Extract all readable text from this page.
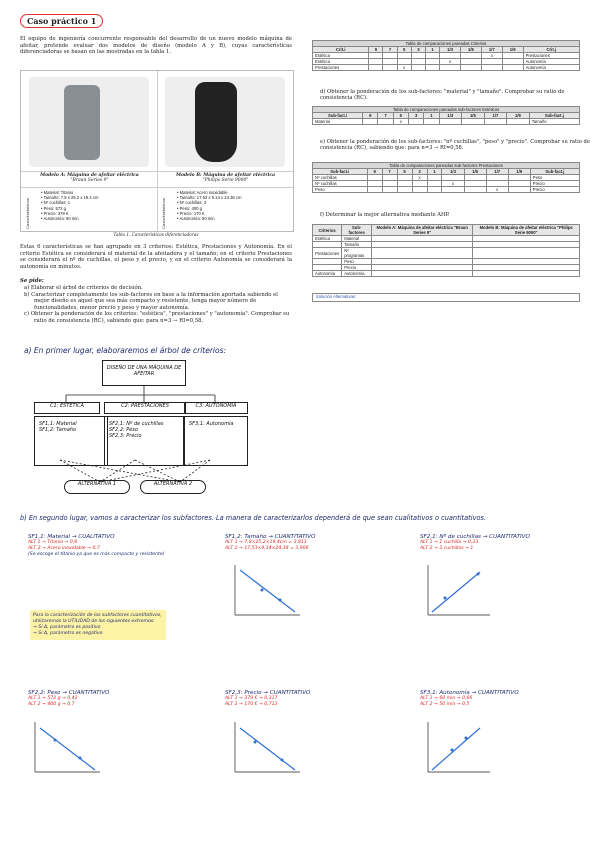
Caso práctico 1
El equipo de ingeniería concurrente responsable del desarrollo de un nuevo modelo máquina de afeitar, pretende evaluar dos modelos de diseño (modelo A y B), cuyas características diferenciadoras se basan en las mostradas en la tabla 1.
Modelo A: Máquina de afeitar eléctrica
"Braun Series 9"
Modelo B: Máquina de afeitar eléctrica
"Philips Serie 9000"
Características	Características
• Material: Titanio
• Tamaño: 7.8 x 25.2 x 19.4 cm
• Nº cuchillas: 1
• Peso: 572 g
• Precio: 379 €
• Autonomía: 60 min
• Material: Acero inoxidable
• Tamaño: 17.53 x 9.14 x 24.38 cm
• Nº cuchillas: 3
• Peso: 400 g
• Precio: 170 €
• Autonomía: 50 min
Tabla 1. Características diferenciadoras
Estas 6 características se han agrupado en 3 criterios: Estética, Prestaciones y Autonomía. En el criterio Estética se considerará el material de la afeitadora y el tamaño; en el criterio Prestaciones se considerará el nº de cuchillas, el peso y el precio, y en el criterio Autonomía se considerará la autonomía en minutos.
Se pide:
a) Elaborar el árbol de criterios de decisión.
b) Caracterizar completamente los sub-factores en base a la información aportada sabiendo el mejor diseño es aquel que sea más compacto y resistente, tenga mayor número de funcionalidades, menor precio y peso y mayor autonomía.
c) Obtener la ponderación de los criterios: "estética", "prestaciones" y "autonomía". Comprobar su ratio de consistencia (RC), sabiendo que: para n=3 → RI=0,58.
Tabla de comparaciones pareadas Criterios										
Crit.i	9	7	5	3	1	1/3	1/5	1/7	1/9	Crit.j
Estética								x		Prestaciones
Estética						x				Autonomía
Prestaciones			x							Autonomía
d) Obtener la ponderación de los sub-factores: "material" y "tamaño". Comprobar su ratio de consistencia (RC).
Tabla de comparaciones pareadas sub-factores Estéticos										
Sub-fact.i	9	7	5	3	1	1/3	1/5	1/7	1/9	Sub-fact.j
Material			x							Tamaño
e) Obtener la ponderación de los sub-factores: "nº cuchillas", "peso" y "precio". Comprobar su ratio de consistencia (RC), sabiendo que: para n=3 → RI=0,58.
Tabla de comparaciones pareadas sub-factores Prestaciones										
Sub-fact.i	9	7	5	3	1	1/3	1/5	1/7	1/9	Sub-fact.j
Nº cuchillas				x						Peso
Nº cuchillas						x				Precio
Peso								x		Precio
f) Determinar la mejor alternativa mediante AHP.
Criterios	Sub-factores	Modelo A: Máquina de afeitar eléctrica "Braun Series 9"	Modelo B: Máquina de afeitar eléctrica "Philips Serie 9000"
Estética	Material		
	Tamaño		
Prestaciones	Nº programas		
	Peso		
	Precio		
Autonomía	Autonomía		
Solución Alternativas:
a) En primer lugar, elaboraremos el árbol de criterios:
DISEÑO DE UNA MÁQUINA DE AFEITAR
C1: ESTÉTICA	C2: PRESTACIONES	C3: AUTONOMÍA
SF1,1: Material
SF1,2: Tamaño
SF2,1: Nº de cuchillas
SF2,2: Peso
SF2,3: Precio
SF3,1: Autonomía
ALTERNATIVA 1	ALTERNATIVA 2
b) En segundo lugar, vamos a caracterizar los subfactores. La manera de caracterizarlos dependerá de que sean cualitativos o cuantitativos.
SF1,1: Material → CUALITATIVO
ALT 1 → Titanio → 0,8
ALT 2 → Acero inoxidable → 0,7
(Se escoge el titanio ya que es más compacto y resistente)
Para la caracterización de los subfactores cuantitativos, utilizaremos la UTILIDAD de los siguientes extremos:
→ Si Δ, parámetro es positivo
→ Si Δ, parámetro es negativo
SF1,2: Tamaño → CUANTITATIVO
ALT 1 → 7,8×25,2×19,4cm = 3.813
ALT 2 → 17,53×9,14×24,38 = 3.906
SF2,1: Nº de cuchillas → CUANTITATIVO
ALT 1 → 1 cuchilla → 0,33
ALT 2 → 3 cuchillas → 1
SF2,2: Peso → CUANTITATIVO
ALT 1 → 572 g → 0,42
ALT 2 → 400 g → 0,7
SF2,3: Precio → CUANTITATIVO
ALT 1 → 379 € → 0,317
ALT 2 → 170 € → 0,713
SF3,1: Autonomía → CUANTITATIVO
ALT 1 → 60 min → 0,66
ALT 2 → 50 min → 0,5
